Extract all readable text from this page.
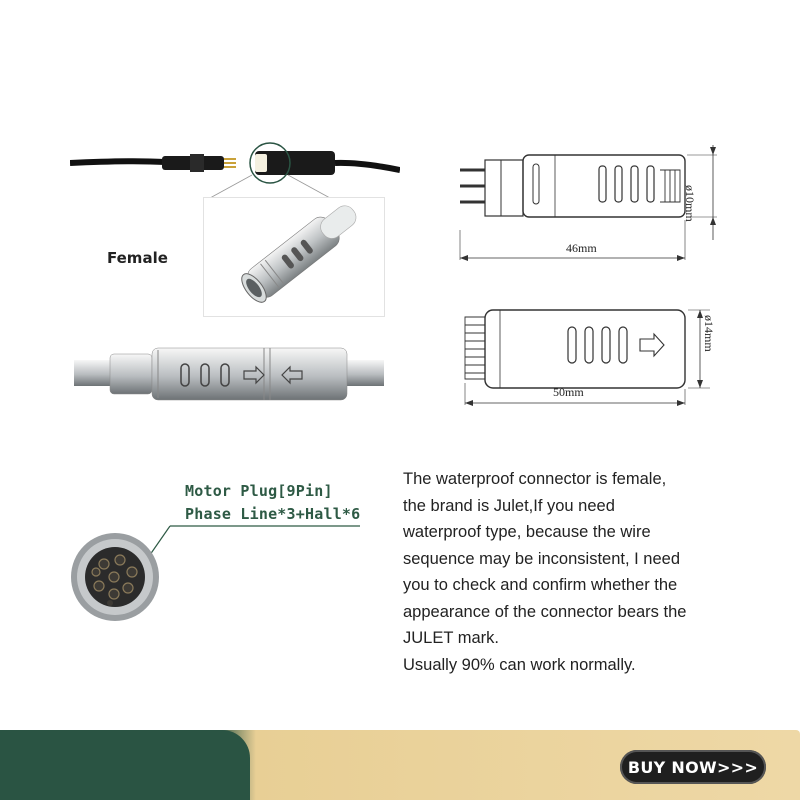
Female
46mm
ø10mm
50mm
ø14mm
Motor Plug[9Pin]
Phase Line*3+Hall*6
The waterproof connector is female,
the brand is Julet,If you need
waterproof type, because the wire
sequence may be inconsistent, I need
you to check and confirm whether the
appearance of the connector bears the
JULET mark.
Usually 90% can work normally.
BUY NOW>>>
